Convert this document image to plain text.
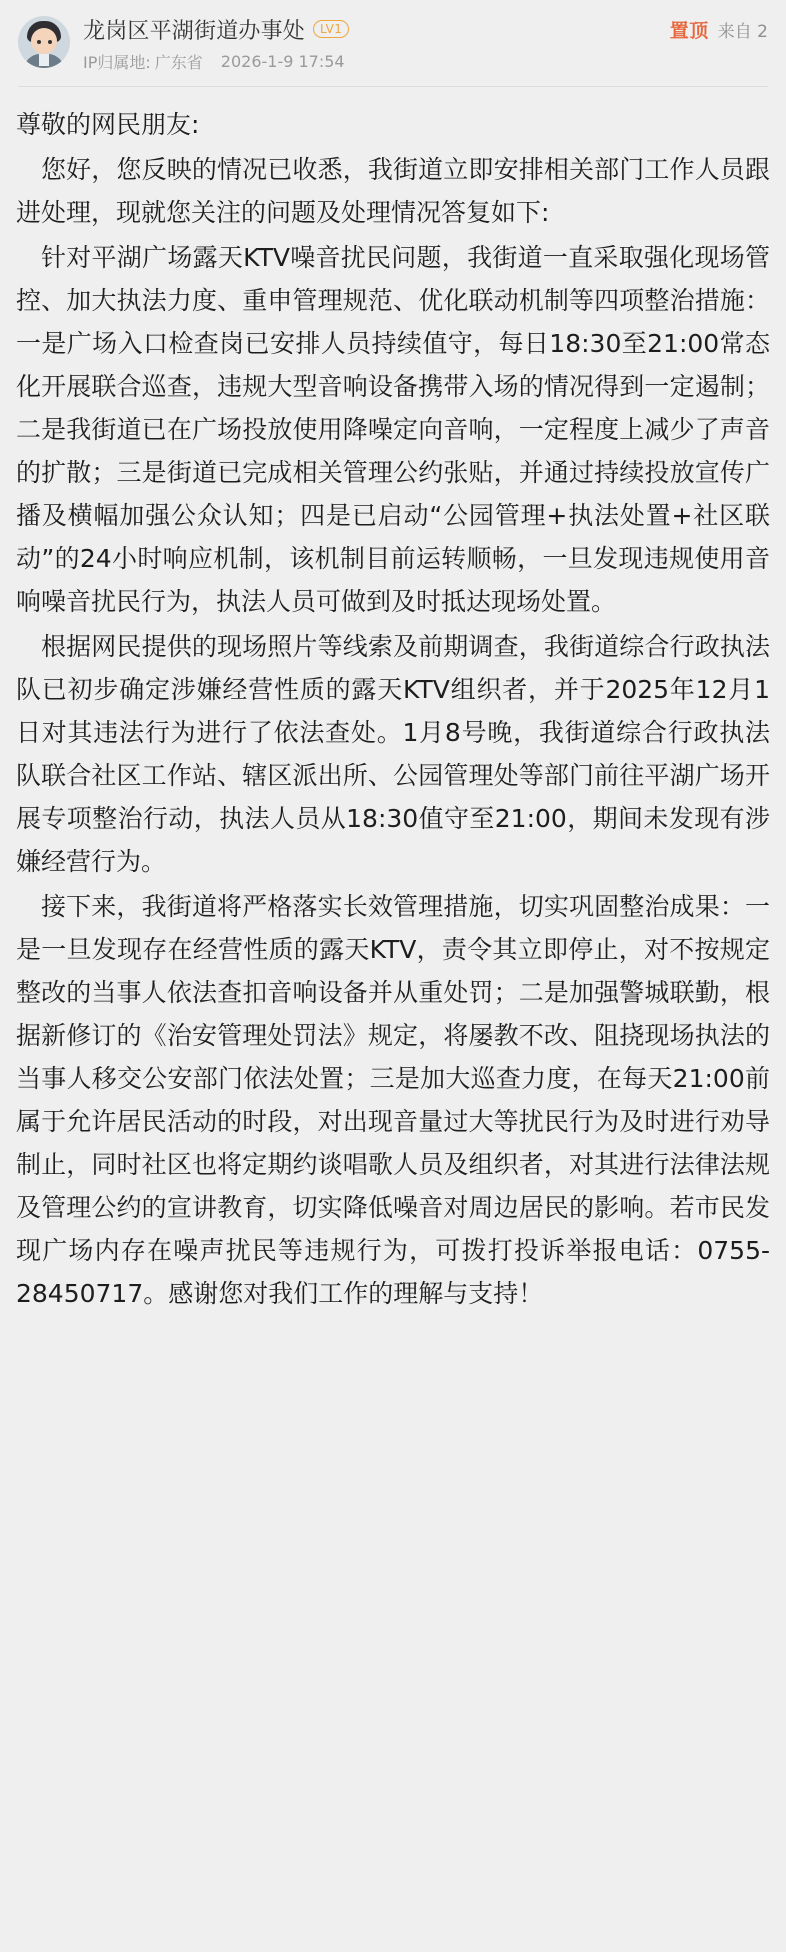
龙岗区平湖街道办事处	LV1
IP归属地: 广东省 2026-1-9 17:54
置顶 来自 2

尊敬的网民朋友:

您好，您反映的情况已收悉，我街道立即安排相关部门工作人员跟进处理，现就您关注的问题及处理情况答复如下:

针对平湖广场露天KTV噪音扰民问题，我街道一直采取强化现场管控、加大执法力度、重申管理规范、优化联动机制等四项整治措施：一是广场入口检查岗已安排人员持续值守，每日18:30至21:00常态化开展联合巡查，违规大型音响设备携带入场的情况得到一定遏制；二是我街道已在广场投放使用降噪定向音响，一定程度上减少了声音的扩散；三是街道已完成相关管理公约张贴，并通过持续投放宣传广播及横幅加强公众认知；四是已启动“公园管理+执法处置+社区联动”的24小时响应机制，该机制目前运转顺畅，一旦发现违规使用音响噪音扰民行为，执法人员可做到及时抵达现场处置。

根据网民提供的现场照片等线索及前期调查，我街道综合行政执法队已初步确定涉嫌经营性质的露天KTV组织者，并于2025年12月1日对其违法行为进行了依法查处。1月8号晚，我街道综合行政执法队联合社区工作站、辖区派出所、公园管理处等部门前往平湖广场开展专项整治行动，执法人员从18:30值守至21:00，期间未发现有涉嫌经营行为。

接下来，我街道将严格落实长效管理措施，切实巩固整治成果：一是一旦发现存在经营性质的露天KTV，责令其立即停止，对不按规定整改的当事人依法查扣音响设备并从重处罚；二是加强警城联勤，根据新修订的《治安管理处罚法》规定，将屡教不改、阻挠现场执法的当事人移交公安部门依法处置；三是加大巡查力度，在每天21:00前属于允许居民活动的时段，对出现音量过大等扰民行为及时进行劝导制止，同时社区也将定期约谈唱歌人员及组织者，对其进行法律法规及管理公约的宣讲教育，切实降低噪音对周边居民的影响。若市民发现广场内存在噪声扰民等违规行为，可拨打投诉举报电话：0755-28450717。感谢您对我们工作的理解与支持！
